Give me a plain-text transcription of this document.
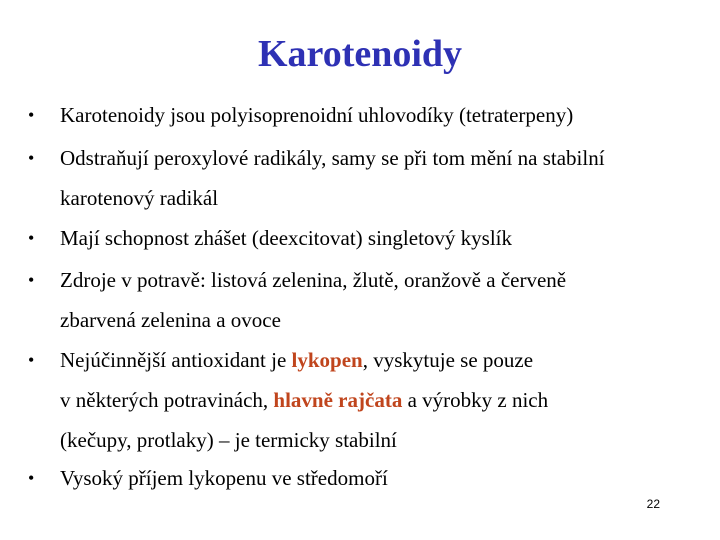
Karotenoidy
• Karotenoidy jsou polyisoprenoidní uhlovodíky (tetraterpeny)
• Odstraňují peroxylové radikály, samy se při tom mění na stabilní
karotenový radikál
• Mají schopnost zhášet (deexcitovat) singletový kyslík
• Zdroje v potravě: listová zelenina, žlutě, oranžově a červeně
zbarvená zelenina a ovoce
• Nejúčinnější antioxidant je lykopen, vyskytuje se pouze
v některých potravinách, hlavně rajčata a výrobky z nich
(kečupy, protlaky) – je termicky stabilní
• Vysoký příjem lykopenu ve středomoří
22
